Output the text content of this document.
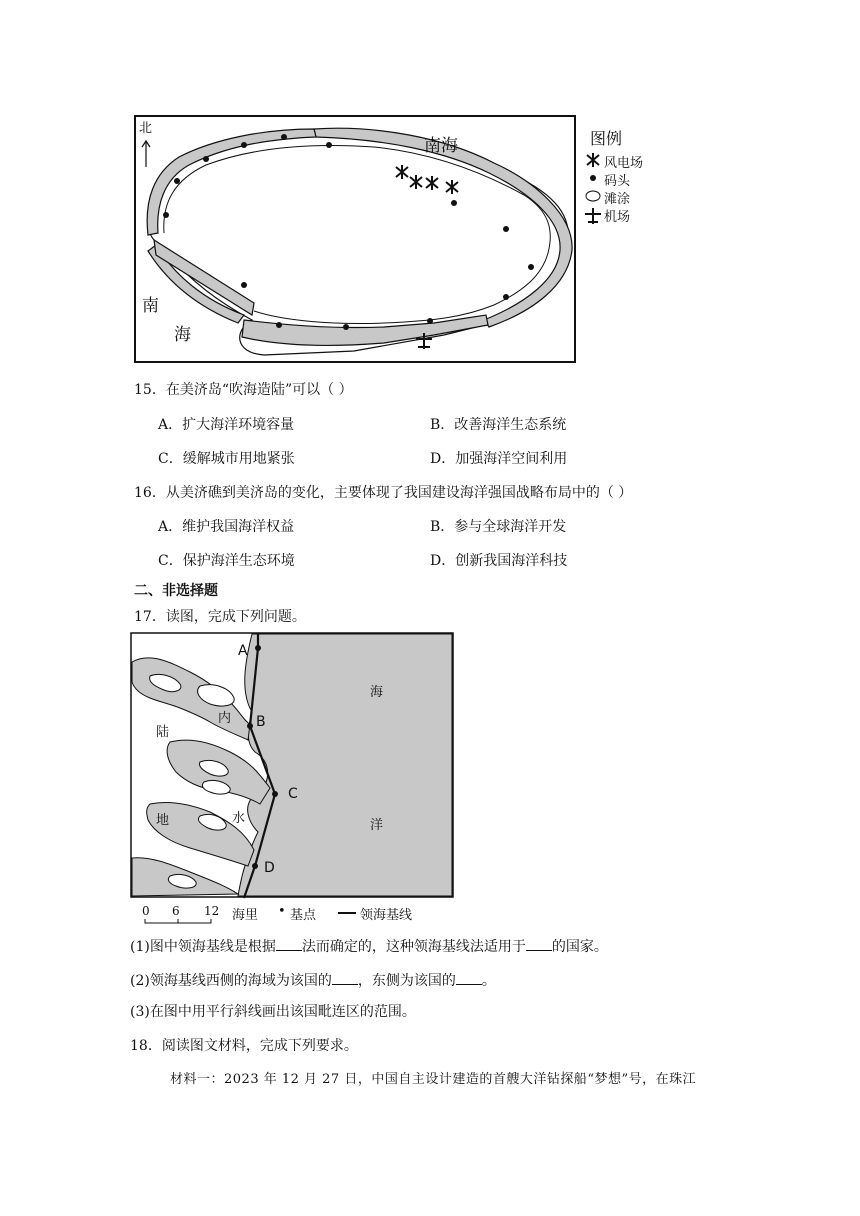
北
南海
南
海
图例
风电场
码头
滩涂
机场
15．在美济岛“吹海造陆”可以（ ）
A．扩大海洋环境容量	B．改善海洋生态系统
C．缓解城市用地紧张	D．加强海洋空间利用
16．从美济礁到美济岛的变化，主要体现了我国建设海洋强国战略布局中的（ ）
A．维护我国海洋权益	B．参与全球海洋开发
C．保护海洋生态环境	D．创新我国海洋科技
二、非选择题
17．读图，完成下列问题。
A
B
C
D
海
洋
陆
地
内
水
0 6 12 海里 • 基点	领海基线
(1)图中领海基线是根据 法而确定的，这种领海基线法适用于 的国家。
(2)领海基线西侧的海域为该国的 ，东侧为该国的 。
(3)在图中用平行斜线画出该国毗连区的范围。
18．阅读图文材料，完成下列要求。
材料一：2023 年 12 月 27 日，中国自主设计建造的首艘大洋钻探船“梦想”号，在珠江
